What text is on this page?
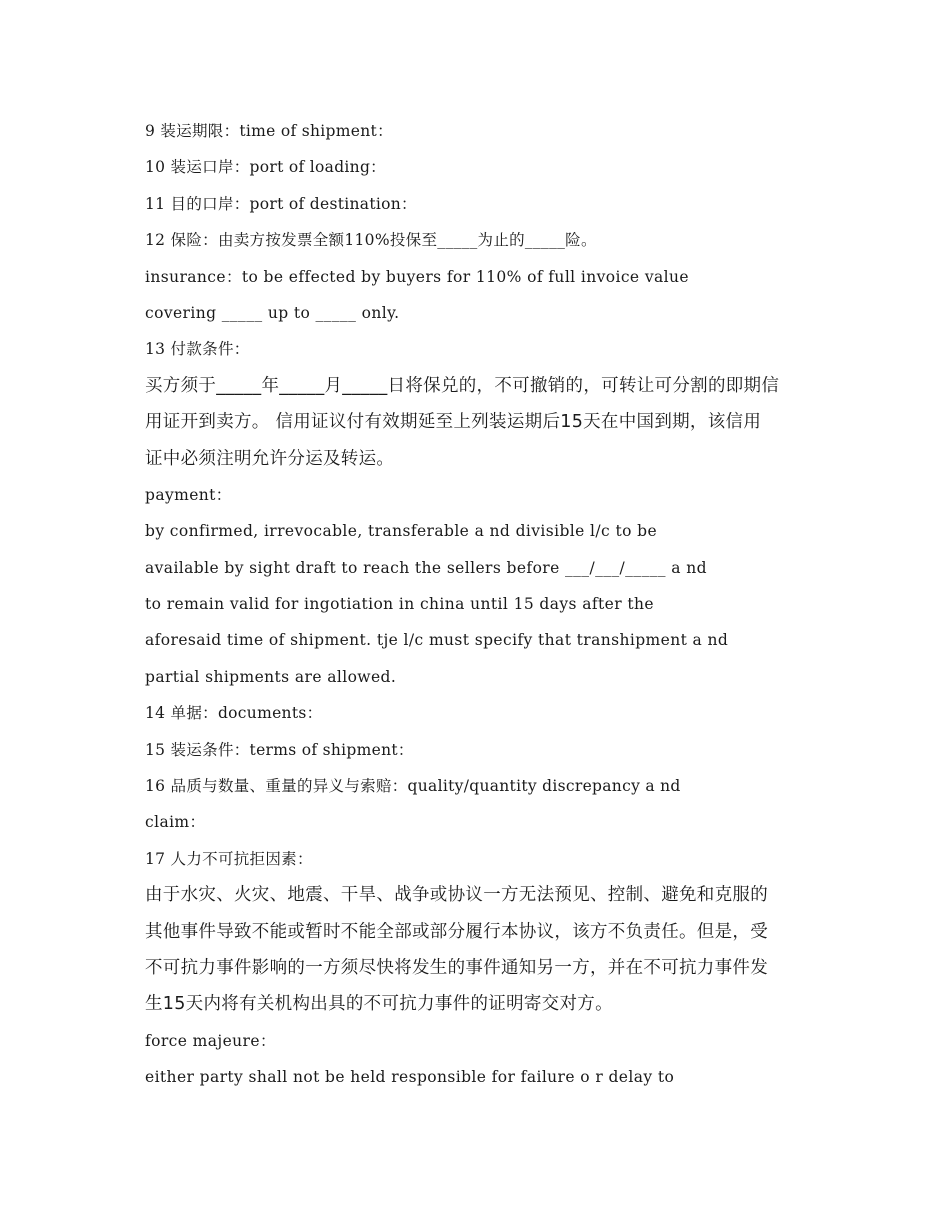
9 装运期限：time of shipment：
10 装运口岸：port of loading：
11 目的口岸：port of destination：
12 保险：由卖方按发票全额110%投保至_____为止的_____险。
insurance：to be effected by buyers for 110% of full invoice value
covering _____ up to _____ only.
13 付款条件：
买方须于_____年_____月_____日将保兑的，不可撤销的，可转让可分割的即期信
用证开到卖方。 信用证议付有效期延至上列装运期后15天在中国到期，该信用
证中必须注明允许分运及转运。
payment：
by confirmed, irrevocable, transferable a nd divisible l/c to be
available by sight draft to reach the sellers before ___/___/_____ a nd
to remain valid for ingotiation in china until 15 days after the
aforesaid time of shipment. tje l/c must specify that transhipment a nd
partial shipments are allowed.
14 单据：documents：
15 装运条件：terms of shipment：
16 品质与数量、重量的异义与索赔：quality/quantity discrepancy a nd
claim：
17 人力不可抗拒因素：
由于水灾、火灾、地震、干旱、战争或协议一方无法预见、控制、避免和克服的
其他事件导致不能或暂时不能全部或部分履行本协议，该方不负责任。但是，受
不可抗力事件影响的一方须尽快将发生的事件通知另一方，并在不可抗力事件发
生15天内将有关机构出具的不可抗力事件的证明寄交对方。
force majeure：
either party shall not be held responsible for failure o r delay to
